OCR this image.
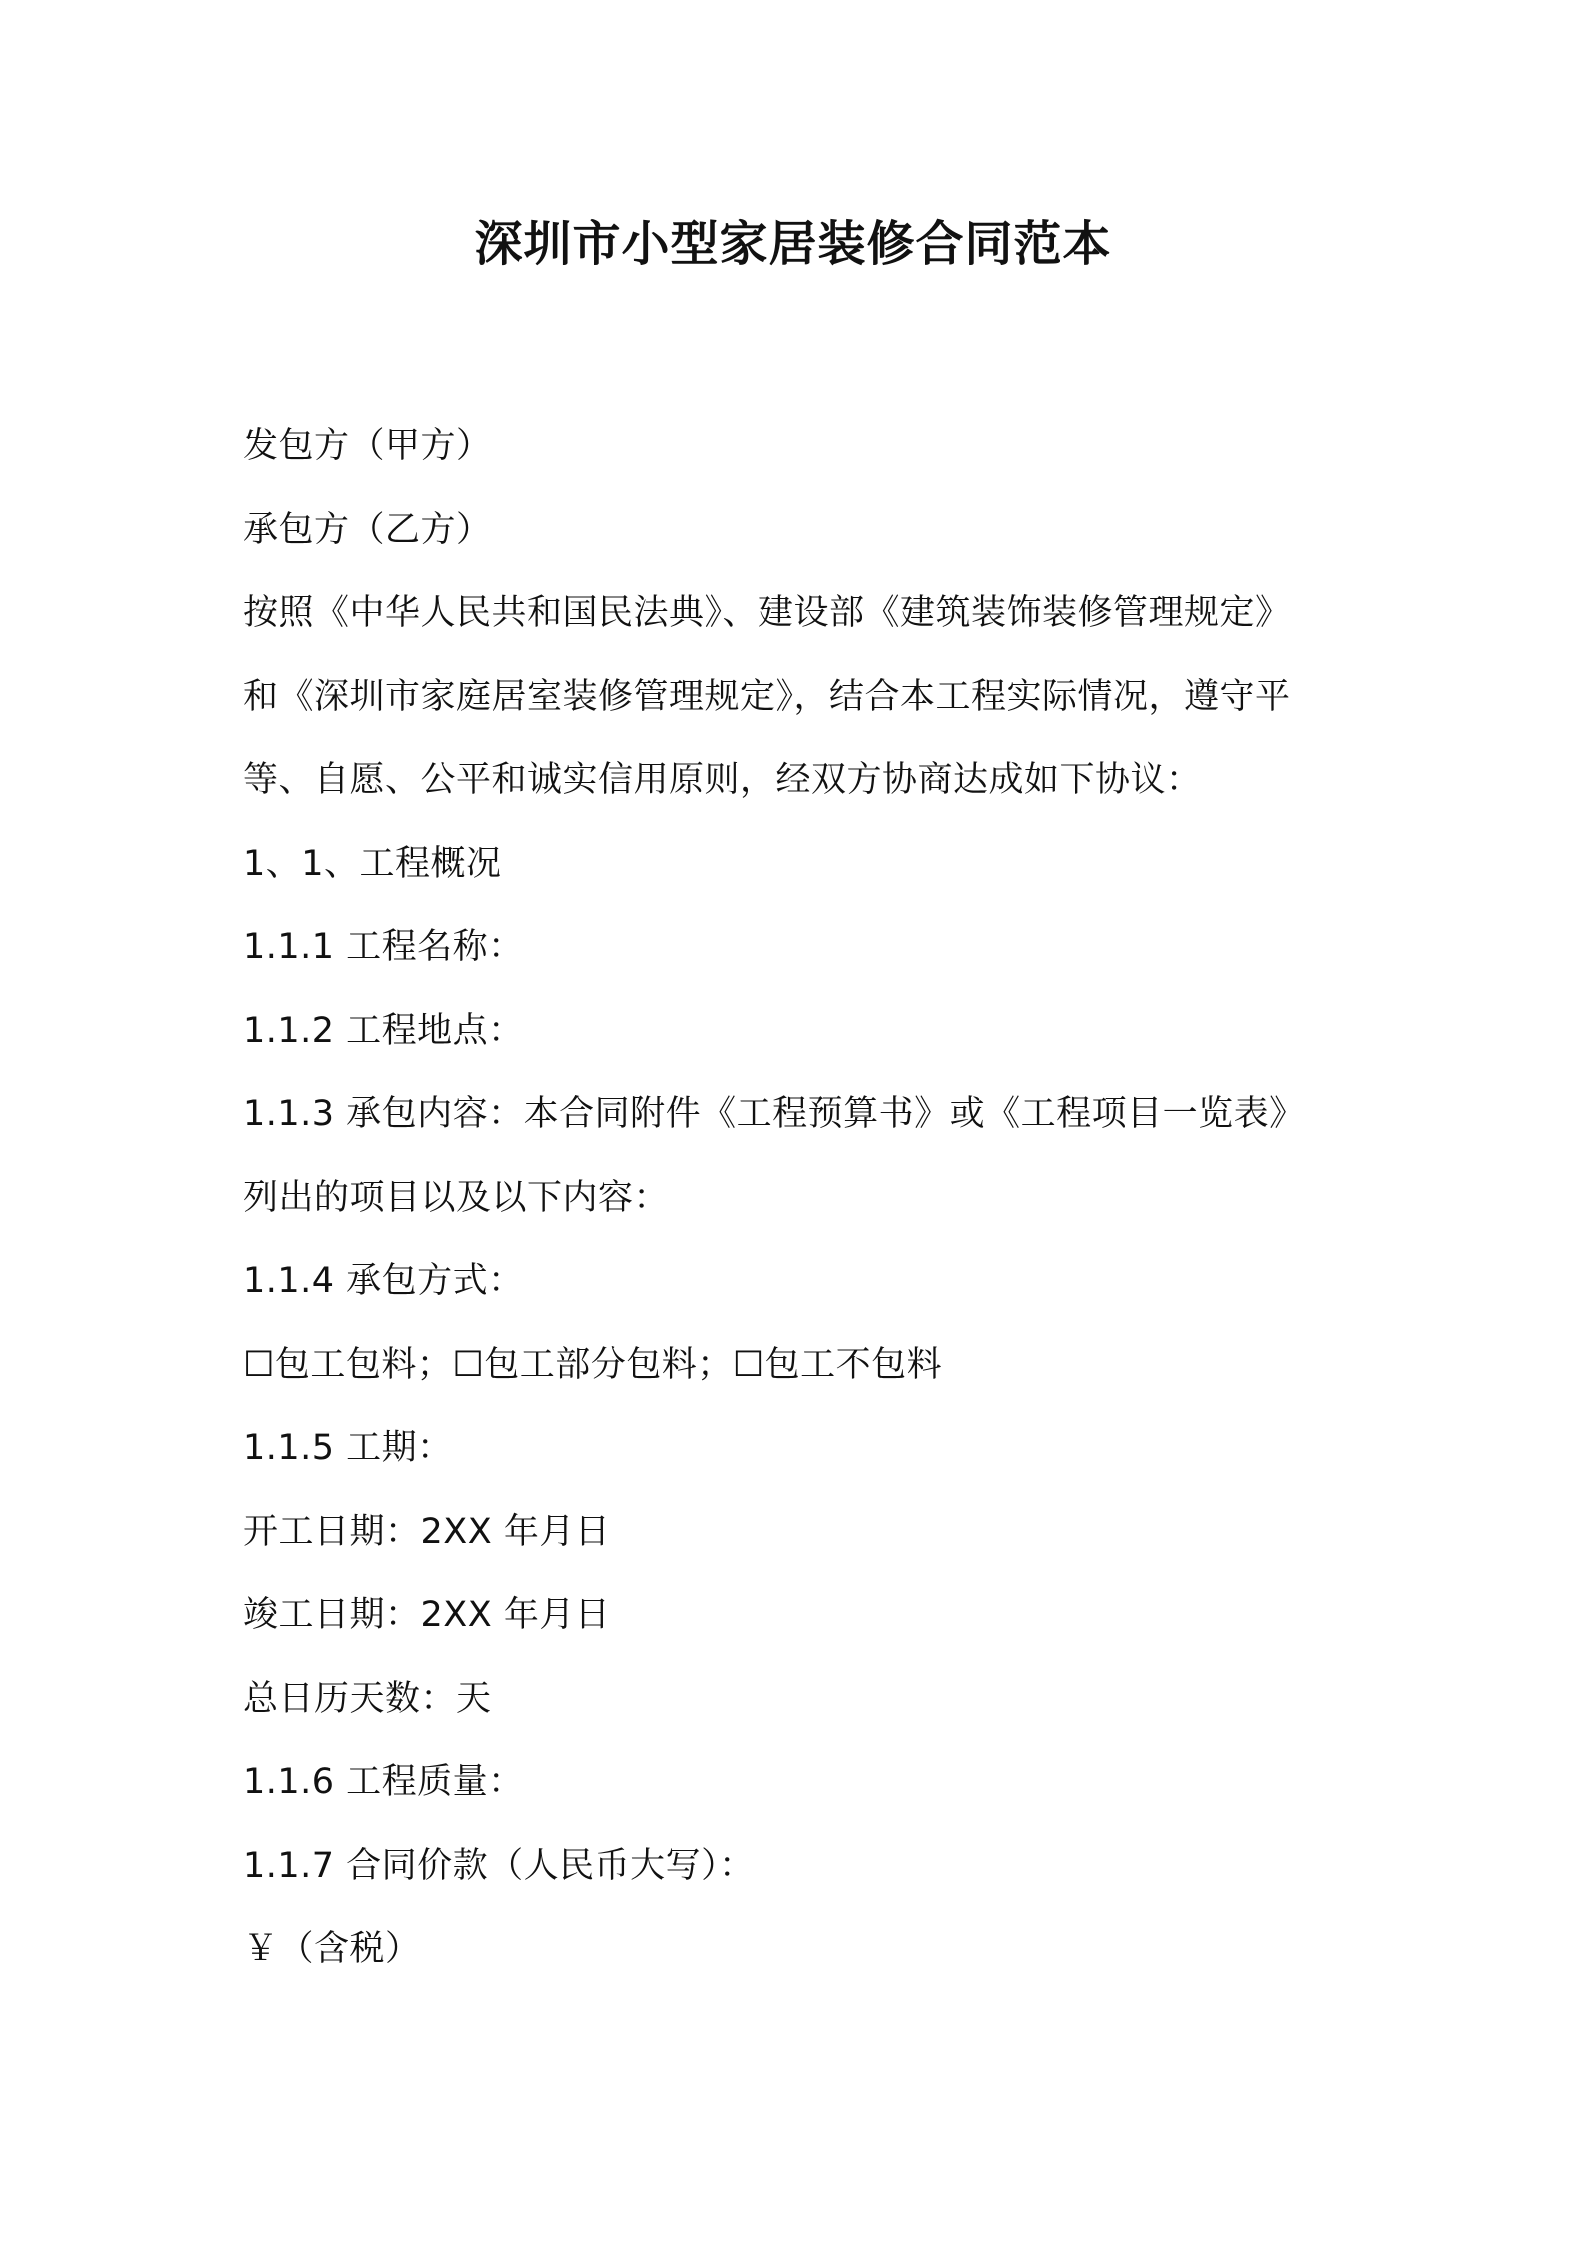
深圳市小型家居装修合同范本
发包方（甲方）
承包方（乙方）
按照《中华人民共和国民法典》、建设部《建筑装饰装修管理规定》
和《深圳市家庭居室装修管理规定》，结合本工程实际情况，遵守平
等、自愿、公平和诚实信用原则，经双方协商达成如下协议：
1、1、工程概况
1.1.1 工程名称：
1.1.2 工程地点：
1.1.3 承包内容：本合同附件《工程预算书》或《工程项目一览表》
列出的项目以及以下内容：
1.1.4 承包方式：
☐包工包料；☐包工部分包料；☐包工不包料
1.1.5 工期：
开工日期：2XX 年月日
竣工日期：2XX 年月日
总日历天数：天
1.1.6 工程质量：
1.1.7 合同价款（人民币大写）：
￥（含税）
